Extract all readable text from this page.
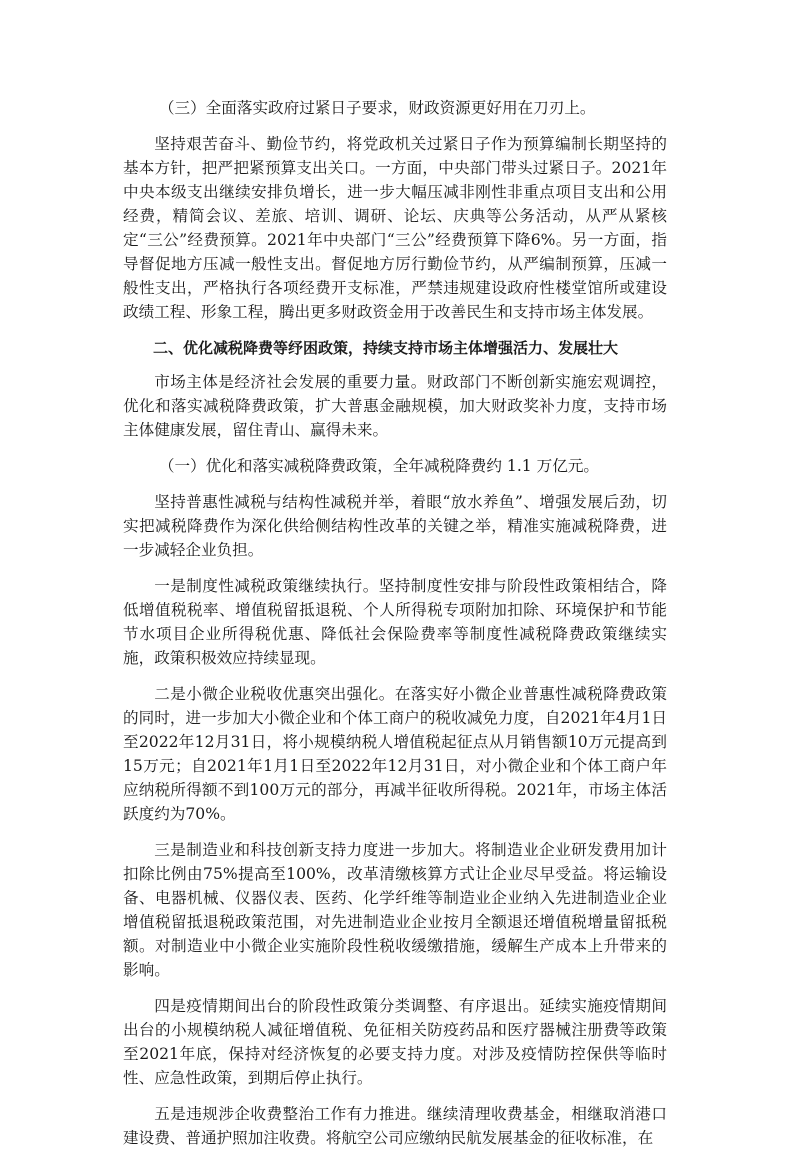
（三）全面落实政府过紧日子要求，财政资源更好用在刀刃上。

坚持艰苦奋斗、勤俭节约，将党政机关过紧日子作为预算编制长期坚持的基本方针，把严把紧预算支出关口。一方面，中央部门带头过紧日子。2021年中央本级支出继续安排负增长，进一步大幅压减非刚性非重点项目支出和公用经费，精简会议、差旅、培训、调研、论坛、庆典等公务活动，从严从紧核定“三公”经费预算。2021年中央部门“三公”经费预算下降6%。另一方面，指导督促地方压减一般性支出。督促地方厉行勤俭节约，从严编制预算，压减一般性支出，严格执行各项经费开支标准，严禁违规建设政府性楼堂馆所或建设政绩工程、形象工程，腾出更多财政资金用于改善民生和支持市场主体发展。

二、优化减税降费等纾困政策，持续支持市场主体增强活力、发展壮大

市场主体是经济社会发展的重要力量。财政部门不断创新实施宏观调控，优化和落实减税降费政策，扩大普惠金融规模，加大财政奖补力度，支持市场主体健康发展，留住青山、赢得未来。

（一）优化和落实减税降费政策，全年减税降费约 1.1 万亿元。

坚持普惠性减税与结构性减税并举，着眼“放水养鱼”、增强发展后劲，切实把减税降费作为深化供给侧结构性改革的关键之举，精准实施减税降费，进一步减轻企业负担。

一是制度性减税政策继续执行。坚持制度性安排与阶段性政策相结合，降低增值税税率、增值税留抵退税、个人所得税专项附加扣除、环境保护和节能节水项目企业所得税优惠、降低社会保险费率等制度性减税降费政策继续实施，政策积极效应持续显现。

二是小微企业税收优惠突出强化。在落实好小微企业普惠性减税降费政策的同时，进一步加大小微企业和个体工商户的税收减免力度，自2021年4月1日至2022年12月31日，将小规模纳税人增值税起征点从月销售额10万元提高到15万元；自2021年1月1日至2022年12月31日，对小微企业和个体工商户年应纳税所得额不到100万元的部分，再减半征收所得税。2021年，市场主体活跃度约为70%。

三是制造业和科技创新支持力度进一步加大。将制造业企业研发费用加计扣除比例由75%提高至100%，改革清缴核算方式让企业尽早受益。将运输设备、电器机械、仪器仪表、医药、化学纤维等制造业企业纳入先进制造业企业增值税留抵退税政策范围，对先进制造业企业按月全额退还增值税增量留抵税额。对制造业中小微企业实施阶段性税收缓缴措施，缓解生产成本上升带来的影响。

四是疫情期间出台的阶段性政策分类调整、有序退出。延续实施疫情期间出台的小规模纳税人减征增值税、免征相关防疫药品和医疗器械注册费等政策至2021年底，保持对经济恢复的必要支持力度。对涉及疫情防控保供等临时性、应急性政策，到期后停止执行。

五是违规涉企收费整治工作有力推进。继续清理收费基金，相继取消港口建设费、普通护照加注收费。将航空公司应缴纳民航发展基金的征收标准，在
